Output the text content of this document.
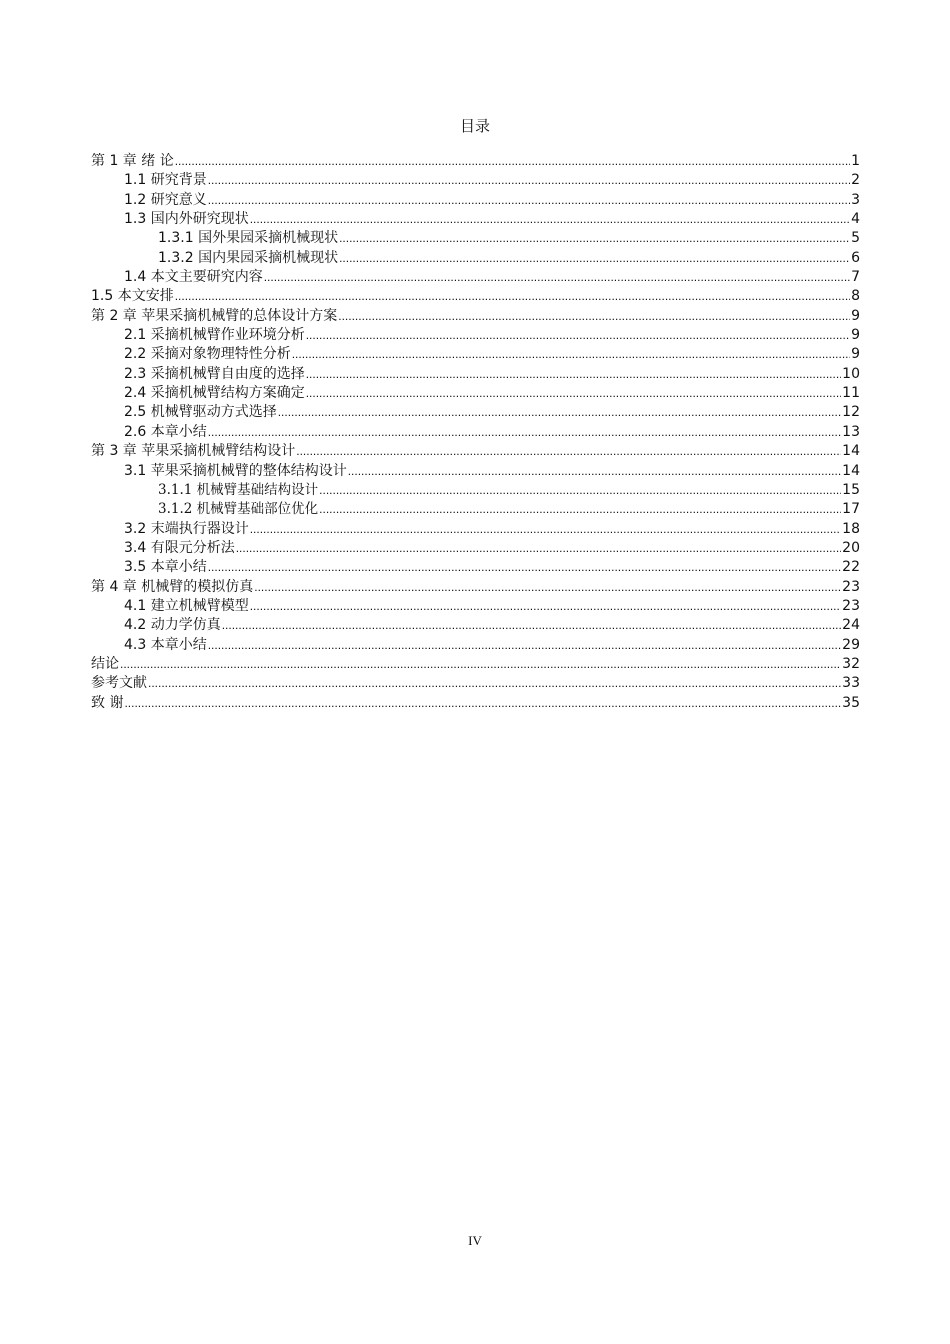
目录
第 1 章 绪 论 .....	1
1.1 研究背景 .....	2
1.2 研究意义 .....	3
1.3 国内外研究现状 .....	4
1.3.1 国外果园采摘机械现状 .....	5
1.3.2 国内果园采摘机械现状 .....	6
1.4 本文主要研究内容 .....	7
1.5 本文安排 .....	8
第 2 章 苹果采摘机械臂的总体设计方案 .....	9
2.1 采摘机械臂作业环境分析 .....	9
2.2 采摘对象物理特性分析 .....	9
2.3 采摘机械臂自由度的选择 .....	10
2.4 采摘机械臂结构方案确定 .....	11
2.5 机械臂驱动方式选择 .....	12
2.6 本章小结 .....	13
第 3 章 苹果采摘机械臂结构设计 .....	14
3.1 苹果采摘机械臂的整体结构设计 .....	14
3.1.1 机械臂基础结构设计 .....	15
3.1.2 机械臂基础部位优化 .....	17
3.2 末端执行器设计 .....	18
3.4 有限元分析法 .....	20
3.5 本章小结 .....	22
第 4 章 机械臂的模拟仿真 .....	23
4.1 建立机械臂模型 .....	23
4.2 动力学仿真 .....	24
4.3 本章小结 .....	29
结论 .....	32
参考文献 .....	33
致 谢 .....	35
IV
